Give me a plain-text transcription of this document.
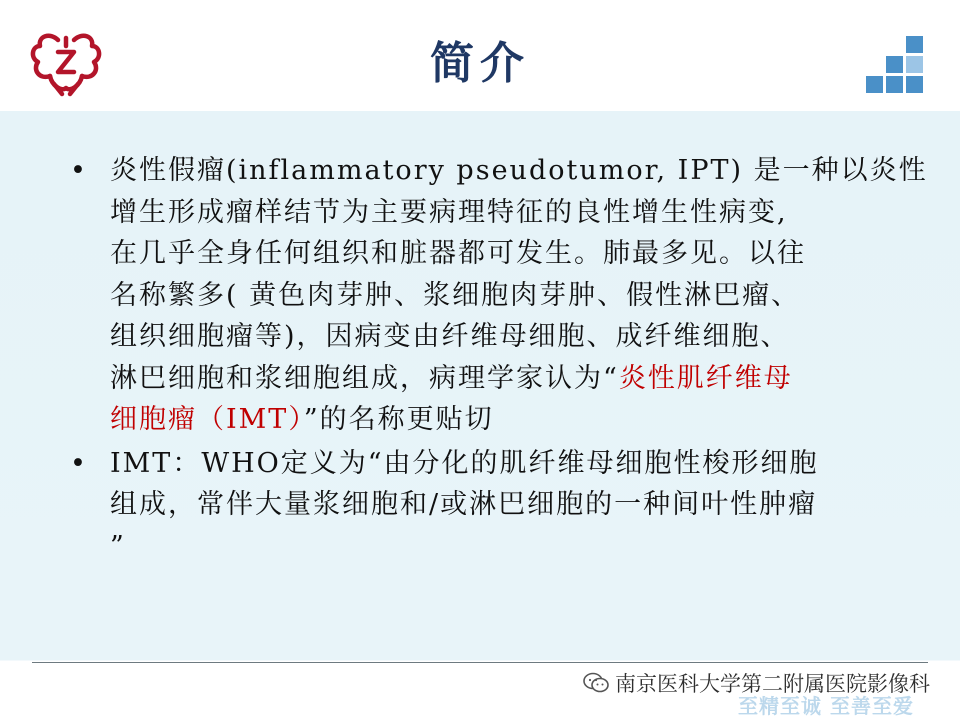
简介
• 炎性假瘤(inflammatory pseudotumor, IPT) 是一种以炎性
增生形成瘤样结节为主要病理特征的良性增生性病变,
在几乎全身任何组织和脏器都可发生。肺最多见。以往
名称繁多( 黄色肉芽肿、浆细胞肉芽肿、假性淋巴瘤、
组织细胞瘤等)，因病变由纤维母细胞、成纤维细胞、
淋巴细胞和浆细胞组成，病理学家认为“炎性肌纤维母
细胞瘤（IMT）”的名称更贴切
• IMT：WHO定义为“由分化的肌纤维母细胞性梭形细胞
组成，常伴大量浆细胞和/或淋巴细胞的一种间叶性肿瘤
”
南京医科大学第二附属医院影像科
至精至诚 至善至爱
